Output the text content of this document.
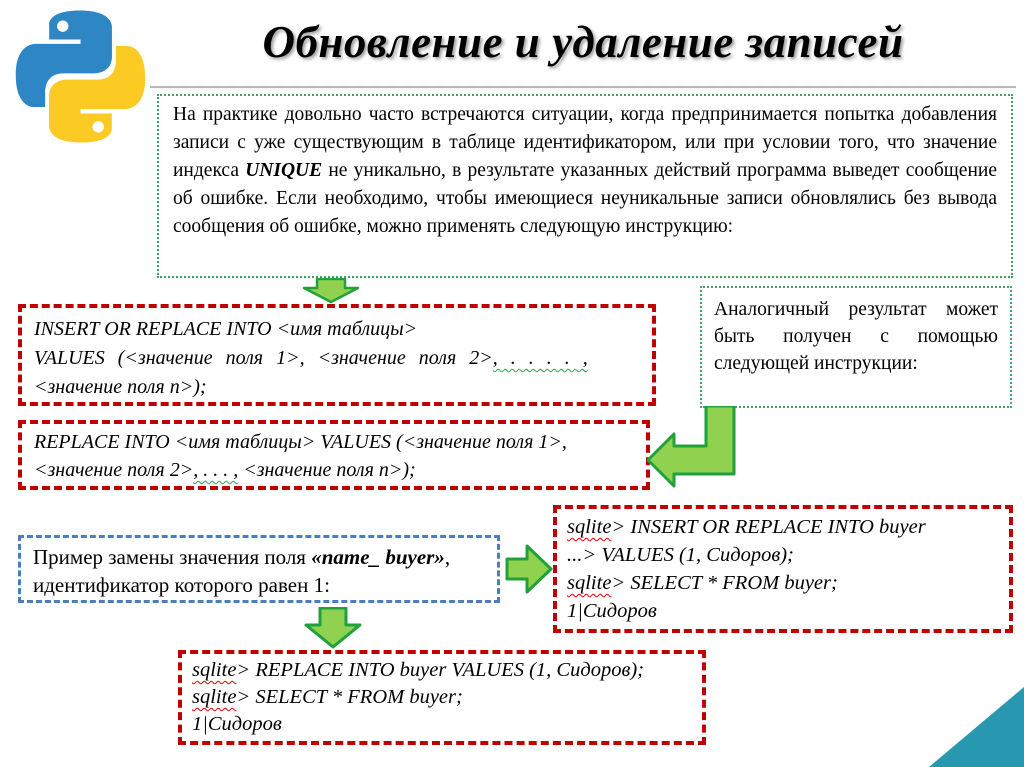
Обновление и удаление записей
На практике довольно часто встречаются ситуации, когда предпринимается попытка добавления записи с уже существующим в таблице идентификатором, или при условии того, что значение индекса UNIQUE не уникально, в результате указанных действий программа выведет сообщение об ошибке. Если необходимо, чтобы имеющиеся неуникальные записи обновлялись без вывода сообщения об ошибке, можно применять следующую инструкцию:
INSERT OR REPLACE INTO <имя таблицы>
VALUES (<значение поля 1>, <значение поля 2>, . . . . ,
<значение поля n>);
REPLACE INTO <имя таблицы> VALUES (<значение поля 1>,
<значение поля 2>, . . . , <значение поля n>);
Аналогичный результат может быть получен с помощью следующей инструкции:
Пример замены значения поля «name_ buyer», идентификатор которого равен 1:
sqlite> INSERT OR REPLACE INTO buyer
...> VALUES (1, Сидоров);
sqlite> SELECT * FROM buyer;
1|Сидоров
sqlite> REPLACE INTO buyer VALUES (1, Сидоров);
sqlite> SELECT * FROM buyer;
1|Сидоров
